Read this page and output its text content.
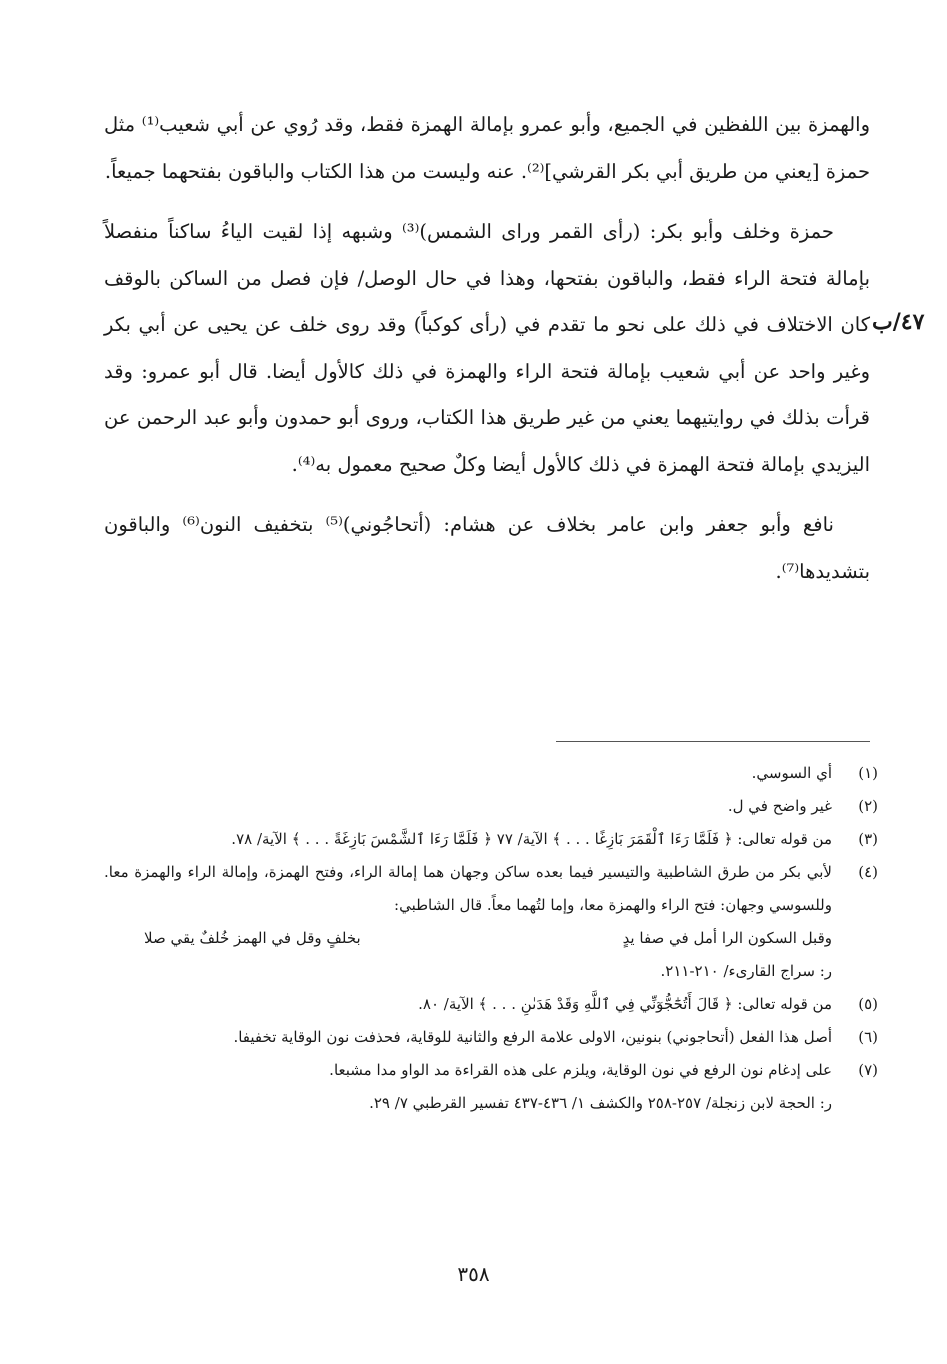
والهمزة بين اللفظين في الجميع، وأبو عمرو بإمالة الهمزة فقط، وقد رُوي عن أبي شعيب⁽¹⁾ مثل حمزة [يعني من طريق أبي بكر القرشي]⁽²⁾. عنه وليست من هذا الكتاب والباقون بفتحهما جميعاً.

حمزة وخلف وأبو بكر: (رأى القمر وراى الشمس)⁽³⁾ وشبهه إذا لقيت الياءُ ساكناً منفصلاً بإمالة فتحة الراء فقط، والباقون بفتحها، وهذا في حال الوصل/ فإن فصل من الساكن بالوقف كان الاختلاف في ذلك على نحو ما تقدم في (رأى كوكباً) وقد روى خلف عن يحيى عن أبي بكر وغير واحد عن أبي شعيب بإمالة فتحة الراء والهمزة في ذلك كالأول أيضا. قال أبو عمرو: وقد قرأت بذلك في روايتيهما يعني من غير طريق هذا الكتاب، وروى أبو حمدون وأبو عبد الرحمن عن اليزيدي بإمالة فتحة الهمزة في ذلك كالأول أيضا وكلٌ صحيح معمول به⁽⁴⁾.

نافع وأبو جعفر وابن عامر بخلاف عن هشام: (أتحاجُوني)⁽⁵⁾ بتخفيف النون⁽⁶⁾ والباقون بتشديدها⁽⁷⁾.

٤٧/ب
(١)
أي السوسي.
(٢)
غير واضح في ل.
(٣)
من قوله تعالى: ﴿ فَلَمَّا رَءَا ٱلْقَمَرَ بَازِغًا . . . ﴾ الآية/ ٧٧ ﴿ فَلَمَّا رَءَا ٱلشَّمْسَ بَازِغَةً . . . ﴾ الآية/ ٧٨.
(٤)
لأبي بكر من طرق الشاطبية والتيسير فيما بعده ساكن وجهان هما إمالة الراء، وفتح الهمزة، وإمالة الراء والهمزة معا. وللسوسي وجهان: فتح الراء والهمزة معا، وإما لتُهما معاً. قال الشاطبي:
وقبل السكون الرا أمل في صفا يدٍ
بخلفٍ وقل في الهمز خُلفٌ يقي صلا
ر: سراج القارىء/ ٢١٠-٢١١.
(٥)
من قوله تعالى: ﴿ قَالَ أَتُحَٰٓجُّوٓنِّي فِي ٱللَّهِ وَقَدْ هَدَىٰنِ . . . ﴾ الآية/ ٨٠.
(٦)
أصل هذا الفعل (أتحاجوني) بنونين، الاولى علامة الرفع والثانية للوقاية، فحذفت نون الوقاية تخفيفا.
(٧)
على إدغام نون الرفع في نون الوقاية، ويلزم على هذه القراءة مد الواو مدا مشبعا.
ر: الحجة لابن زنجلة/ ٢٥٧-٢٥٨ والكشف ١/ ٤٣٦-٤٣٧ تفسير القرطبي ٧/ ٢٩.
٣٥٨
